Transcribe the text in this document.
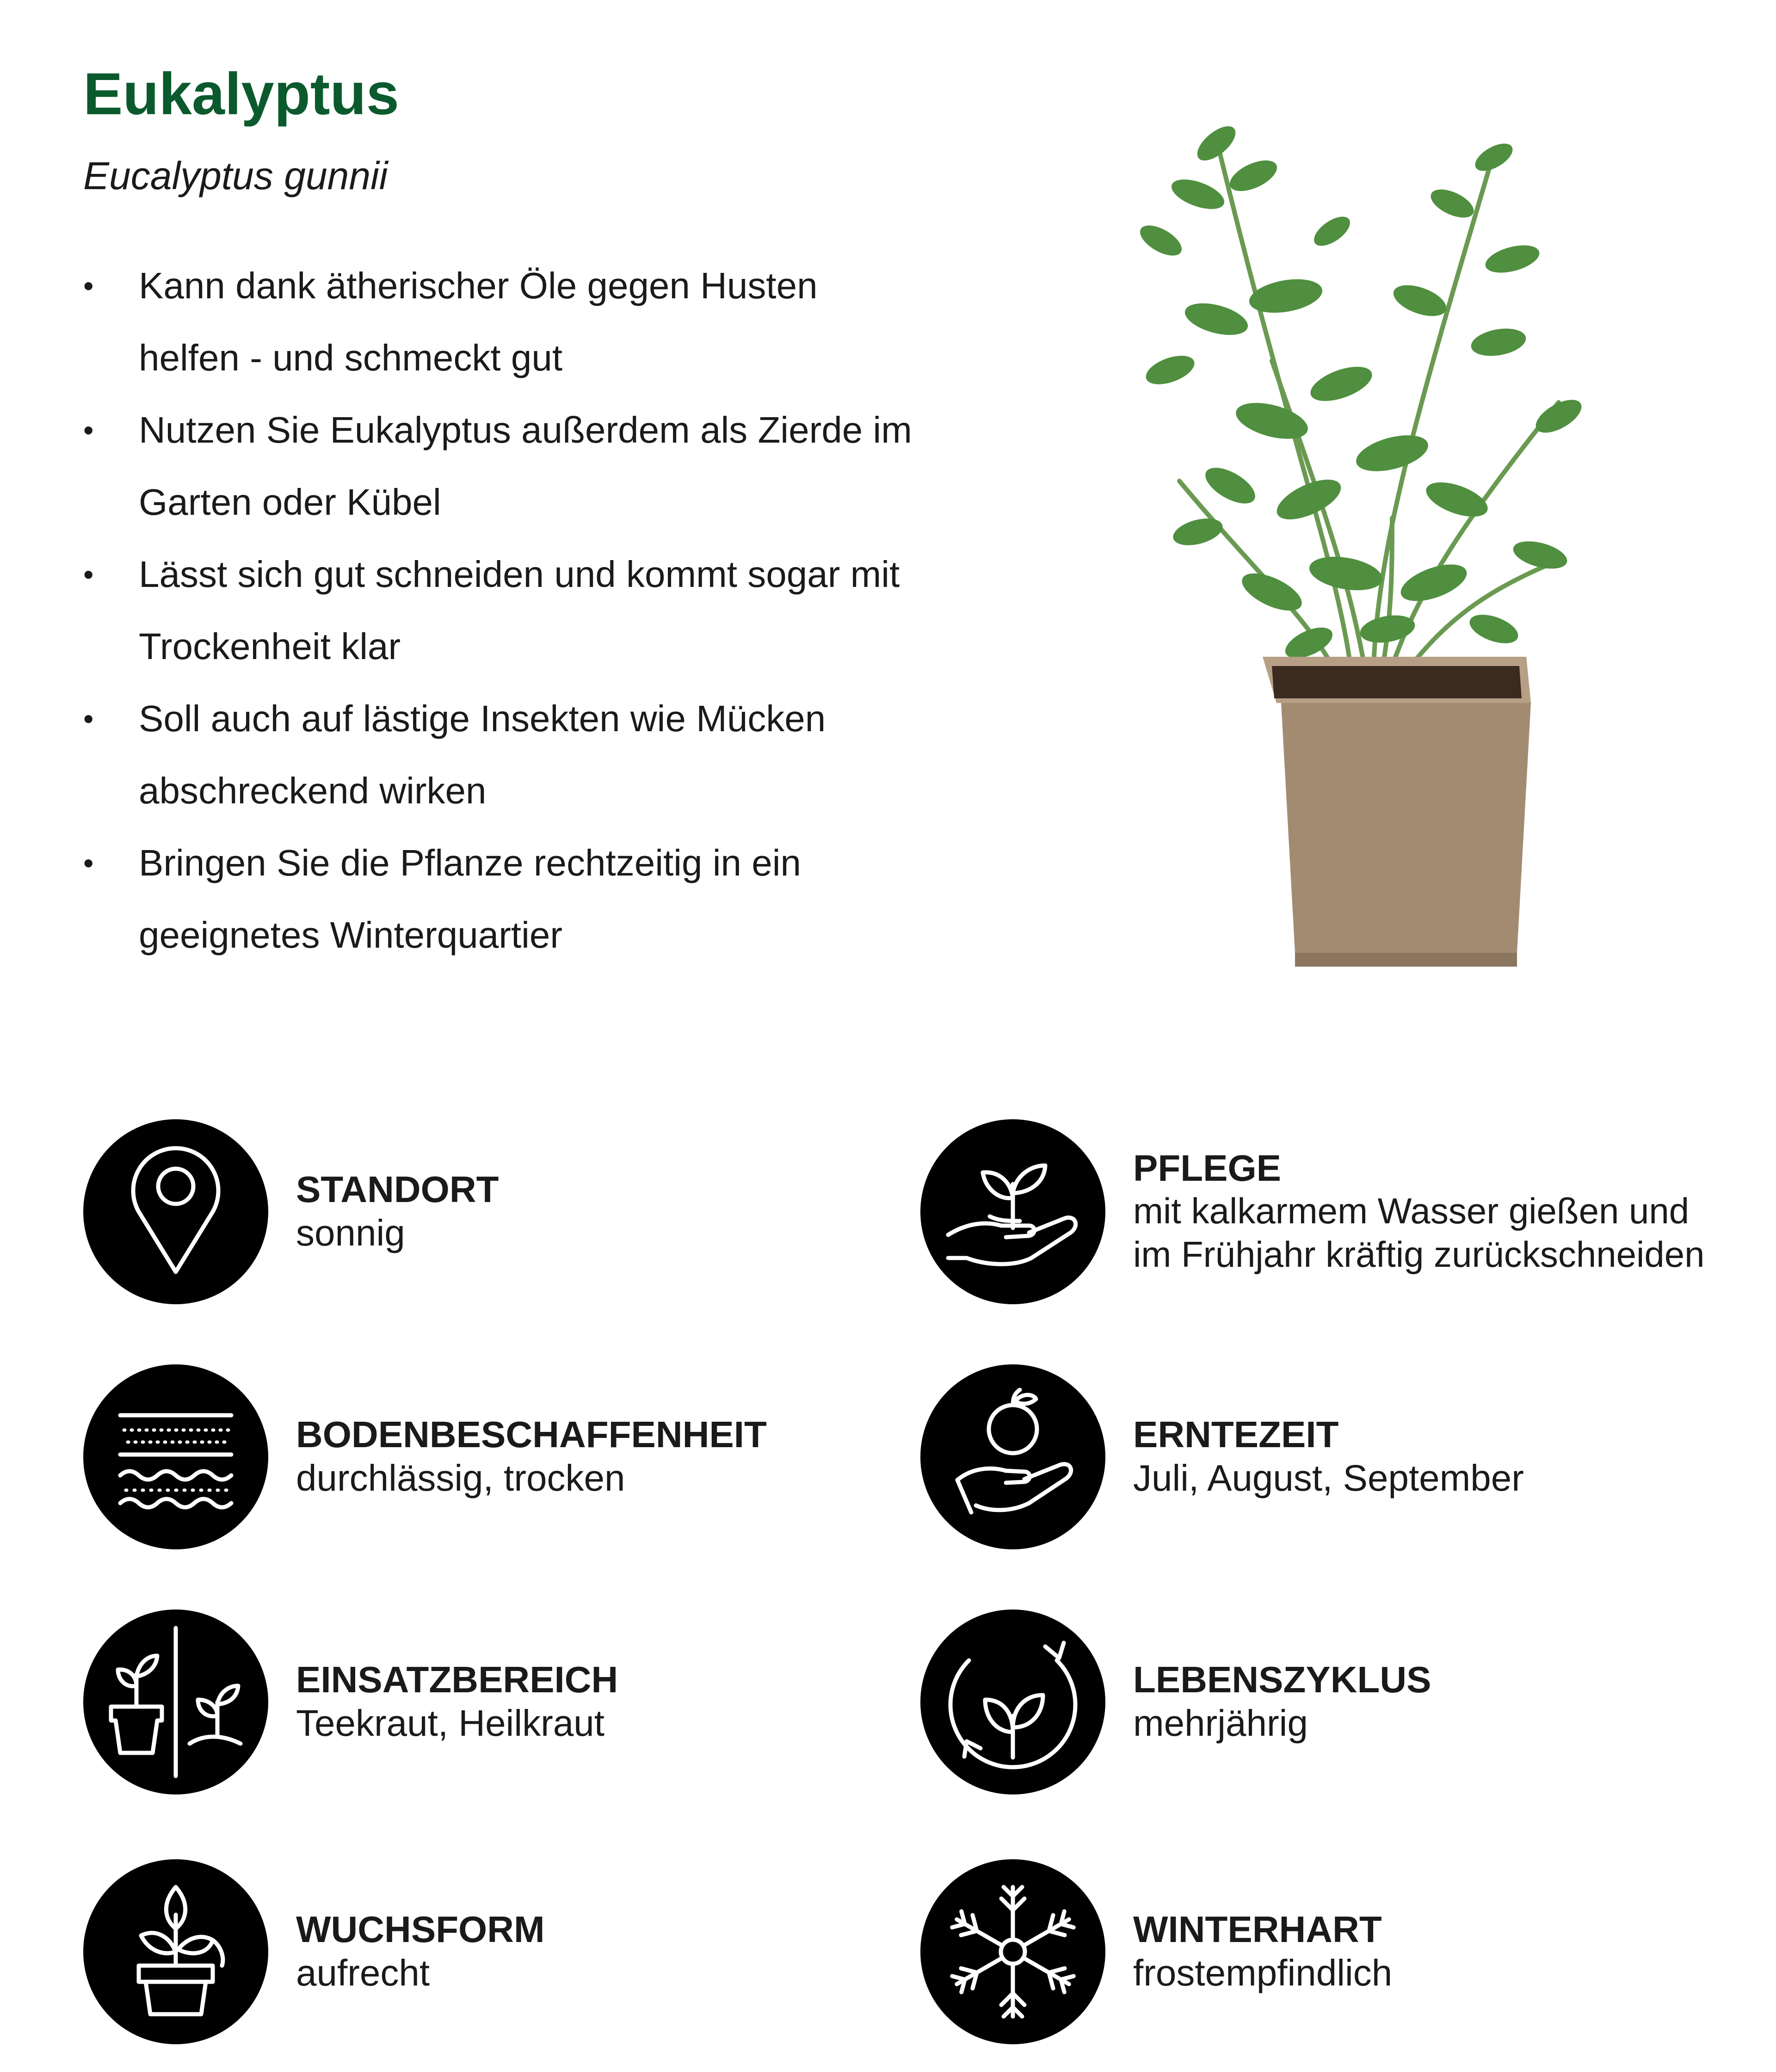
Eukalyptus

Eucalyptus gunnii

• Kann dank ätherischer Öle gegen Husten helfen - und schmeckt gut
• Nutzen Sie Eukalyptus außerdem als Zierde im Garten oder Kübel
• Lässt sich gut schneiden und kommt sogar mit Trockenheit klar
• Soll auch auf lästige Insekten wie Mücken abschreckend wirken
• Bringen Sie die Pflanze rechtzeitig in ein geeignetes Winterquartier
STANDORT
sonnig
BODENBESCHAFFENHEIT
durchlässig, trocken
EINSATZBEREICH
Teekraut, Heilkraut
WUCHSFORM
aufrecht
PFLEGE
mit kalkarmem Wasser gießen und
im Frühjahr kräftig zurückschneiden
ERNTEZEIT
Juli, August, September
LEBENSZYKLUS
mehrjährig
WINTERHART
frostempfindlich
